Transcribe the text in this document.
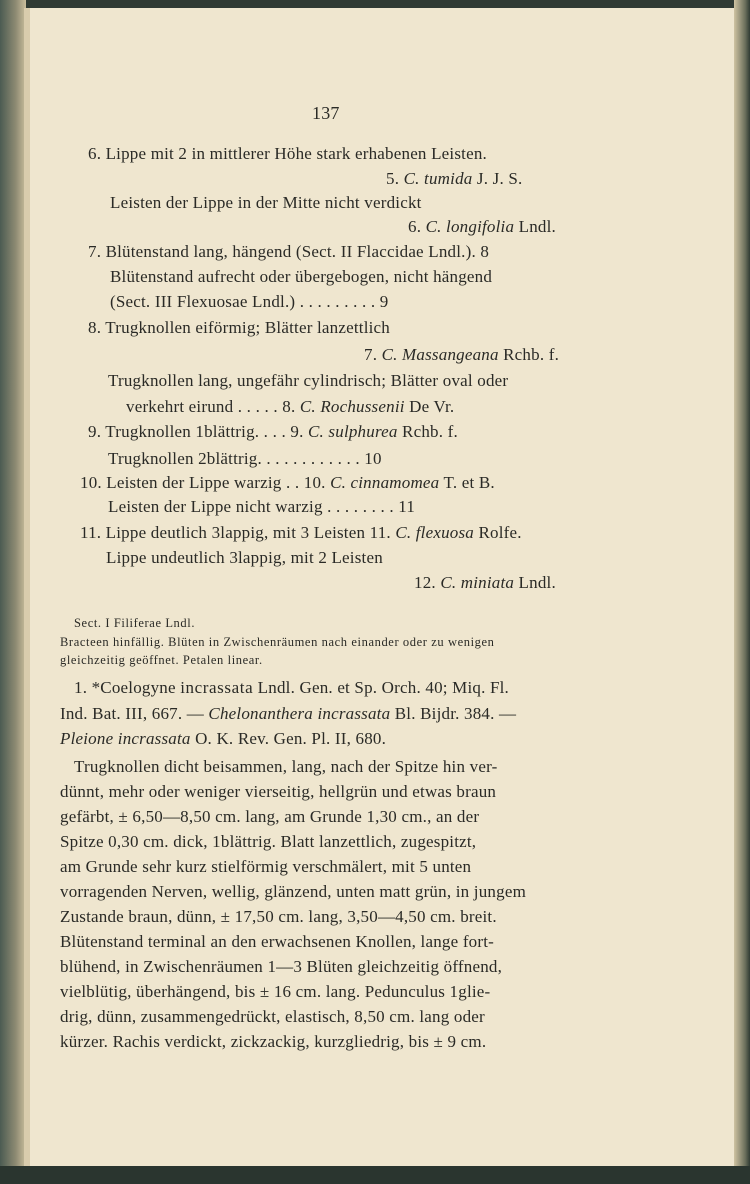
137
6. Lippe mit 2 in mittlerer Höhe stark erhabenen Leisten.
5. C. tumida J. J. S.
Leisten der Lippe in der Mitte nicht verdickt
6. C. longifolia Lndl.
7. Blütenstand lang, hängend (Sect. II Flaccidae Lndl.). 8
Blütenstand aufrecht oder übergebogen, nicht hängend
(Sect. III Flexuosae Lndl.) . . . . . . . . . 9
8. Trugknollen eiförmig; Blätter lanzettlich
7. C. Massangeana Rchb. f.
Trugknollen lang, ungefähr cylindrisch; Blätter oval oder
verkehrt eirund . . . . . 8. C. Rochussenii De Vr.
9. Trugknollen 1blättrig. . . . 9. C. sulphurea Rchb. f.
Trugknollen 2blättrig. . . . . . . . . . . . 10
10. Leisten der Lippe warzig . . 10. C. cinnamomea T. et B.
Leisten der Lippe nicht warzig . . . . . . . . 11
11. Lippe deutlich 3lappig, mit 3 Leisten 11. C. flexuosa Rolfe.
Lippe undeutlich 3lappig, mit 2 Leisten
12. C. miniata Lndl.
Sect. I Filiferae Lndl.
Bracteen hinfällig. Blüten in Zwischenräumen nach einander oder zu wenigen
gleichzeitig geöffnet. Petalen linear.
1. *Coelogyne incrassata Lndl. Gen. et Sp. Orch. 40; Miq. Fl.
Ind. Bat. III, 667. — Chelonanthera incrassata Bl. Bijdr. 384. —
Pleione incrassata O. K. Rev. Gen. Pl. II, 680.
Trugknollen dicht beisammen, lang, nach der Spitze hin ver-
dünnt, mehr oder weniger vierseitig, hellgrün und etwas braun
gefärbt, ± 6,50—8,50 cm. lang, am Grunde 1,30 cm., an der
Spitze 0,30 cm. dick, 1blättrig. Blatt lanzettlich, zugespitzt,
am Grunde sehr kurz stielförmig verschmälert, mit 5 unten
vorragenden Nerven, wellig, glänzend, unten matt grün, in jungem
Zustande braun, dünn, ± 17,50 cm. lang, 3,50—4,50 cm. breit.
Blütenstand terminal an den erwachsenen Knollen, lange fort-
blühend, in Zwischenräumen 1—3 Blüten gleichzeitig öffnend,
vielblütig, überhängend, bis ± 16 cm. lang. Pedunculus 1glie-
drig, dünn, zusammengedrückt, elastisch, 8,50 cm. lang oder
kürzer. Rachis verdickt, zickzackig, kurzgliedrig, bis ± 9 cm.
